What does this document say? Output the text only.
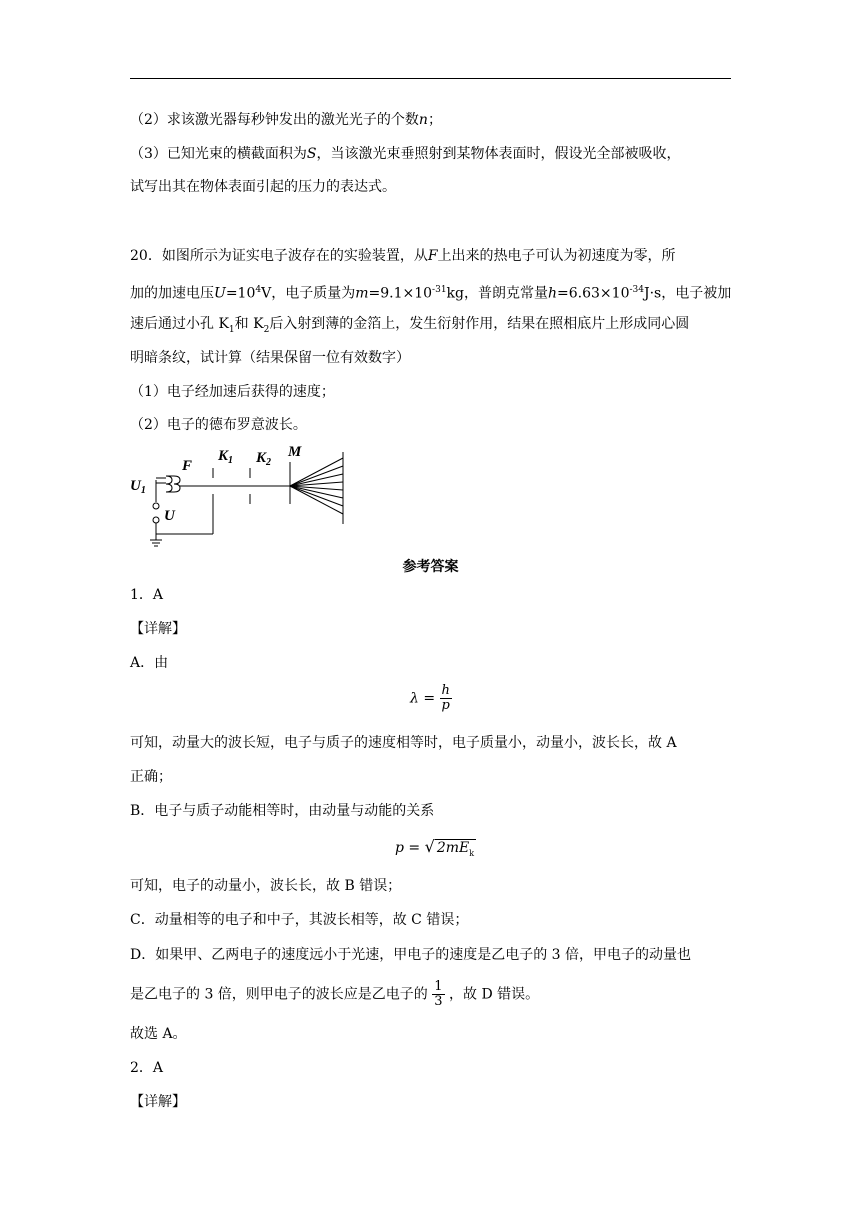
（2）求该激光器每秒钟发出的激光光子的个数n；
（3）已知光束的横截面积为S，当该激光束垂照射到某物体表面时，假设光全部被吸收，
试写出其在物体表面引起的压力的表达式。
20．如图所示为证实电子波存在的实验装置，从F上出来的热电子可认为初速度为零，所
加的加速电压$U=10^4V$，电子质量为$m=9.1\times 10^{-31}kg$，普朗克常量$h=6.63\times 10^{-34}J\cdot s$，电子被加
速后通过小孔 $K_1$和 $K_2$后入射到薄的金箔上，发生衍射作用，结果在照相底片上形成同心圆
明暗条纹，试计算（结果保留一位有效数字）
（1）电子经加速后获得的速度；
（2）电子的德布罗意波长。
$U_1$
F
$K_1$ $K_2$
M
U
参考答案
1．A
【详解】
A．由
$\lambda = \frac{h}{p}$
可知，动量大的波长短，电子与质子的速度相等时，电子质量小，动量小，波长长，故 A
正确；
B．电子与质子动能相等时，由动量与动能的关系
p = √ $2mE_k$
可知，电子的动量小，波长长，故 B 错误；
C．动量相等的电子和中子，其波长相等，故 C 错误；
D．如果甲、乙两电子的速度远小于光速，甲电子的速度是乙电子的 3 倍，甲电子的动量也
是乙电子的 3 倍，则甲电子的波长应是乙电子的 $\frac{1}{3}$ ，故 D 错误。
故选 A。
2．A
【详解】
